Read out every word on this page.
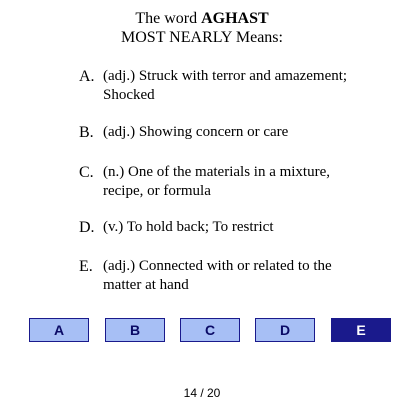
The word AGHAST
MOST NEARLY Means:
A. (adj.) Struck with terror and amazement; Shocked
B. (adj.) Showing concern or care
C. (n.) One of the materials in a mixture, recipe, or formula
D. (v.) To hold back; To restrict
E. (adj.) Connected with or related to the matter at hand
A	B	C	D	E
14 / 20
